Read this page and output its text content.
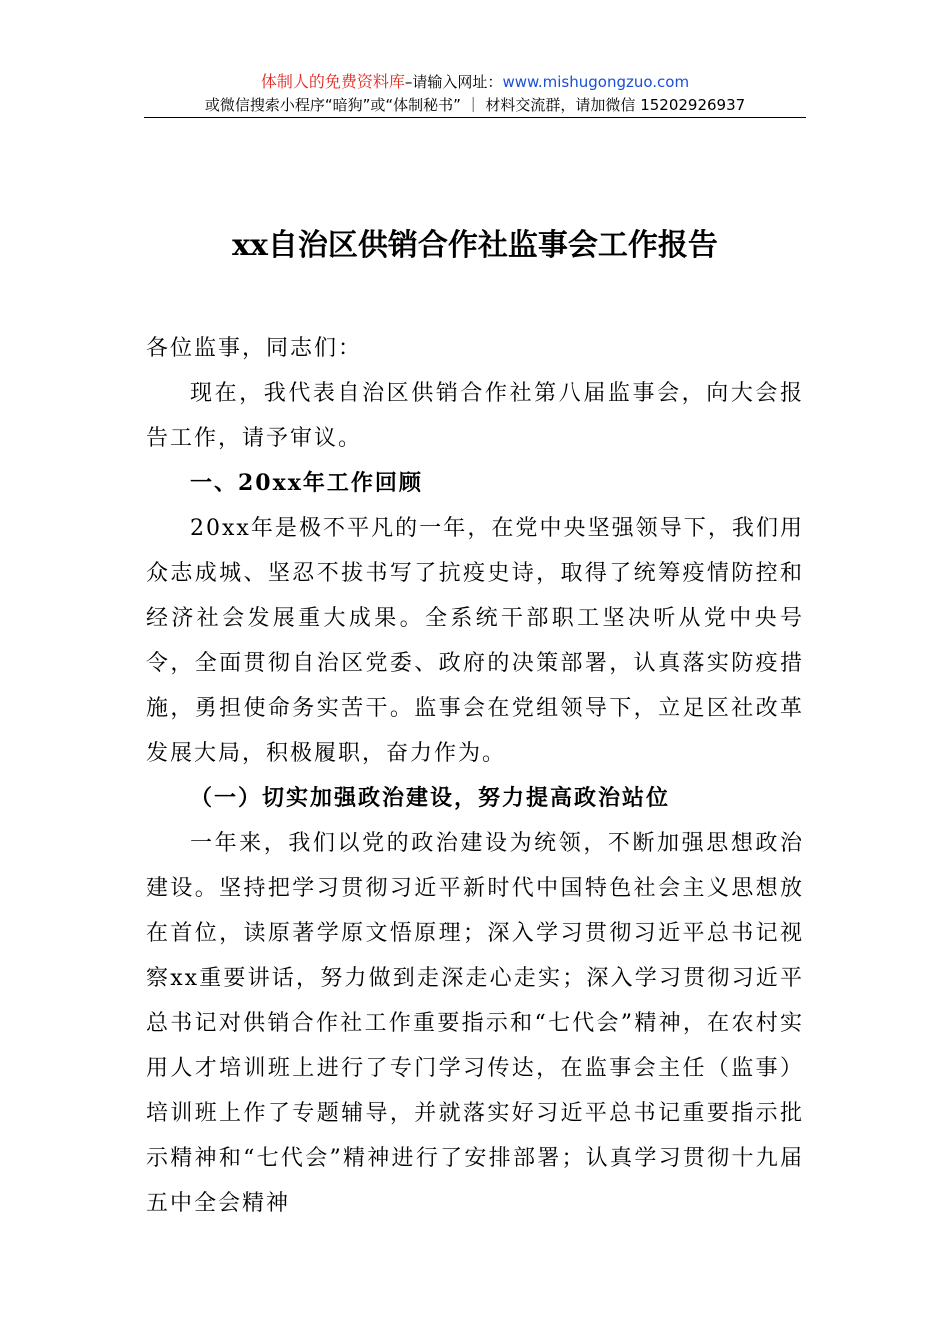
体制人的免费资料库–请输入网址：www.mishugongzuo.com
或微信搜索小程序“暗狗”或“体制秘书” ｜ 材料交流群，请加微信 15202926937
xx自治区供销合作社监事会工作报告

各位监事，同志们：

现在，我代表自治区供销合作社第八届监事会，向大会报告工作，请予审议。

一、20xx年工作回顾

20xx年是极不平凡的一年，在党中央坚强领导下，我们用众志成城、坚忍不拔书写了抗疫史诗，取得了统筹疫情防控和经济社会发展重大成果。全系统干部职工坚决听从党中央号令，全面贯彻自治区党委、政府的决策部署，认真落实防疫措施，勇担使命务实苦干。监事会在党组领导下，立足区社改革发展大局，积极履职，奋力作为。

（一）切实加强政治建设，努力提高政治站位

一年来，我们以党的政治建设为统领，不断加强思想政治建设。坚持把学习贯彻习近平新时代中国特色社会主义思想放在首位，读原著学原文悟原理；深入学习贯彻习近平总书记视察xx重要讲话，努力做到走深走心走实；深入学习贯彻习近平总书记对供销合作社工作重要指示和“七代会”精神，在农村实用人才培训班上进行了专门学习传达，在监事会主任（监事）培训班上作了专题辅导，并就落实好习近平总书记重要指示批示精神和“七代会”精神进行了安排部署；认真学习贯彻十九届五中全会精神
